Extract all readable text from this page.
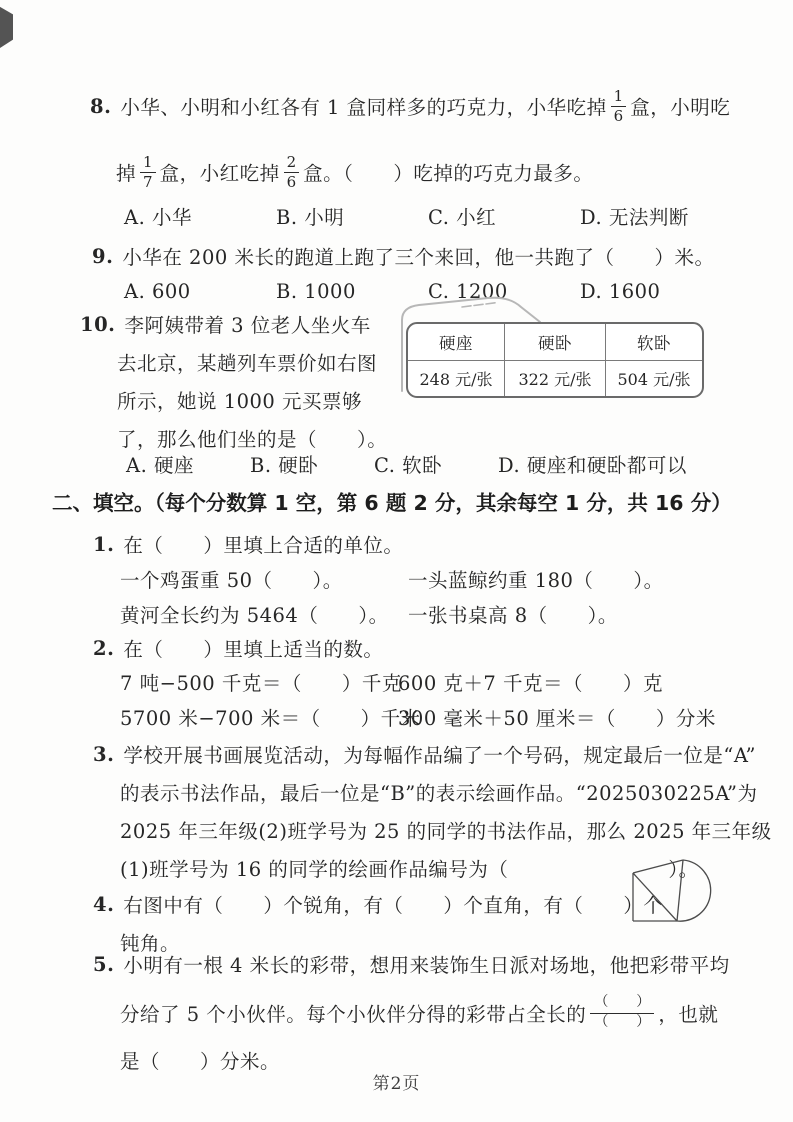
8. 小华、小明和小红各有 1 盒同样多的巧克力，小华吃掉 $\frac{1}{6}$ 盒，小明吃
掉 $\frac{1}{7}$ 盒，小红吃掉 $\frac{2}{6}$ 盒。（　　）吃掉的巧克力最多。
A. 小华	B. 小明	C. 小红	D. 无法判断
9. 小华在 200 米长的跑道上跑了三个来回，他一共跑了（　　）米。
A. 600	B. 1000	C. 1200	D. 1600
10. 李阿姨带着 3 位老人坐火车
去北京，某趟列车票价如右图
所示，她说 1000 元买票够
了，那么他们坐的是（　　）。
硬座	硬卧	软卧
248 元/张	322 元/张	504 元/张
A. 硬座	B. 硬卧	C. 软卧	D. 硬座和硬卧都可以
二、填空。（每个分数算 1 空，第 6 题 2 分，其余每空 1 分，共 16 分）
1. 在（　　）里填上合适的单位。
一个鸡蛋重 50（　　）。	一头蓝鲸约重 180（　　）。
黄河全长约为 5464（　　）。 一张书桌高 8（　　）。
2. 在（　　）里填上适当的数。
7 吨−500 千克＝（　　）千克
600 克＋7 千克＝（　　）克
5700 米−700 米＝（　　）千米
300 毫米＋50 厘米＝（　　）分米
3. 学校开展书画展览活动，为每幅作品编了一个号码，规定最后一位是“A”
的表示书法作品，最后一位是“B”的表示绘画作品。“2025030225A”为
2025 年三年级(2)班学号为 25 的同学的书法作品，那么 2025 年三年级
(1)班学号为 16 的同学的绘画作品编号为（　　　　　　　　）。
4. 右图中有（　　）个锐角，有（　　）个直角，有（　　）个
钝角。
5. 小明有一根 4 米长的彩带，想用来装饰生日派对场地，他把彩带平均
分给了 5 个小伙伴。每个小伙伴分得的彩带占全长的 $\frac{( )}{( )}$ ，也就
是（　　）分米。
第2页
